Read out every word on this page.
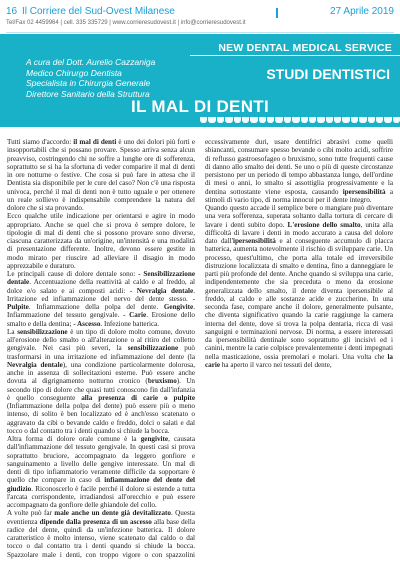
16 Il Corriere del Sud-Ovest Milanese	27 Aprile 2019
Tel/Fax 02 4459964 | cell. 335 335729 | www.corrieresudovest.it | info@corrieresudovest.it
NEW DENTAL MEDICAL SERVICE
A cura del Dott. Aurelio Cazzaniga
Medico Chirurgo Dentista
Specialista in Chirurgia Generale
Direttore Sanitario della Struttura
STUDI DENTISTICI
IL MAL DI DENTI

Tutti siamo d'accordo: il mal di denti è uno dei dolori più forti e insopportabili che si possano provare. Spesso arriva senza alcun preavviso, costringendo chi ne soffre a lunghe ore di sofferenza, soprattutto se si ha la sfortuna di veder comparire il mal di denti in ore notturne o festive. Che cosa si può fare in attesa che il Dentista sia disponibile per le cure del caso? Non c'è una risposta univoca, perché il mal di denti non è tutto uguale e per ottenere un reale sollievo è indispensabile comprendere la natura del dolore che si sta provando.

Ecco qualche utile indicazione per orientarsi e agire in modo appropriato. Anche se quel che si prova è sempre dolore, le tipologie di mal di denti che si possono provare sono diverse, ciascuna caratterizzata da un'origine, un'intensità e una modalità di presentazione differente. Inoltre, devono essere gestite in modo mirato per riuscire ad alleviare il disagio in modo apprezzabile e duraturo.

Le principali cause di dolore dentale sono: - Sensibilizzazione dentale. Accentuazione della reattività al caldo e al freddo, al dolce e/o salato e ai composti acidi: - Nevralgia dentale. Irritazione ed infiammazione del nervo del dente stesso. - Pulpite. Infiammazione della polpa del dente. Gengivite. Infiammazione del tessuto gengivale. - Carie. Erosione dello smalto e della dentina; - Ascesso. Infezione batterica.

La sensibilizzazione è un tipo di dolore molto comune, dovuto all'erosione dello smalto o all'alterazione o al ritiro del colletto gengivale. Nei casi più severi, la sensibilizzazione può trasformarsi in una irritazione ed infiammazione del dente (la Nevralgia dentale), una condizione particolarmente dolorosa, anche in assenza di sollecitazioni esterne. Può essere anche dovuta al digrignamento notturno cronico (bruxismo). Un secondo tipo di dolore che quasi tutti conoscono fin dall'infanzia è quello conseguente alla presenza di carie o pulpite (Infiammazione della polpa del dente) può essere più o meno intenso, di solito è ben localizzato ed è anch'esso scatenato o aggravato da cibi o bevande caldo e freddo, dolci o salati e dal tocco o dal contatto tra i denti quando si chiude la bocca.

Altra forma di dolore orale comune è la gengivite, causata dall'infiammazione del tessuto gengivale. In questi casi si prova soprattutto bruciore, accompagnato da leggero gonfiore e sanguinamento a livello delle gengive interessate. Un mal di denti di tipo infiammatorio veramente difficile da sopportare è quello che compare in caso di infiammazione del dente del giudizio. Riconoscerlo è facile perché il dolore si estende a tutta l'arcata corrispondente, irradiandosi all'orecchio e può essere accompagnato da gonfiore delle ghiandole del collo.

A volte può far male anche un dente già devitalizzato. Questa eventienza dipende dalla presenza di un ascesso alla base della radice del dente, quindi da un'infezione batterica. Il dolore caratteristico è molto intenso, viene scatenato dal caldo o dal tocco o dal contatto tra i denti quando si chiude la bocca. Spazzolare male i denti, con troppo vigore o con spazzolini eccessivamente duri, usare dentifrici abrasivi come quelli sbiancanti, consumare spesso bevande o cibi molto acidi, soffrire di reflusso gastroesofageo o bruxismo, sono tutte frequenti cause di danno allo smalto dei denti. Se uno o più di queste circostanze persistono per un periodo di tempo abbastanza lungo, dell'ordine di mesi o anni, lo smalto si assottiglia progressivamente e la dentina sottostante viene esposta, causando ipersensibilità a stimoli di vario tipo, di norma innocui per il dente integro.

Quando questo accade il semplice bere o mangiare può diventare una vera sofferenza, superata soltanto dalla tortura di cercare di lavare i denti subito dopo. L'erosione dello smalto, unita alla difficoltà di lavare i denti in modo accurato a causa del dolore dato dall'ipersensibilità e al conseguente accumulo di placca batterica, aumenta notevolmente il rischio di sviluppare carie. Un processo, quest'ultimo, che porta alla totale ed irreversibile distruzione localizzata di smalto e dentina, fino a danneggiare le parti più profonde del dente. Anche quando si sviluppa una carie, indipendentemente che sia preceduta o meno da erosione generalizzata dello smalto, il dente diventa ipersensibile al freddo, al caldo e alle sostanze acide e zuccherine. In una seconda fase, compare anche il dolore, generalmente pulsante, che diventa significativo quando la carie raggiunge la camera interna del dente, dove si trova la polpa dentaria, ricca di vasi sanguigni e terminazioni nervose. Di norma, a essere interessati da ipersensibilità dentinale sono soprattutto gli incisivi ed i canini, mentre la carie colpisce prevalentemente i denti impegnati nella masticazione, ossia premolari e molari. Una volta che la carie ha aperto il varco nei tessuti del dente,
